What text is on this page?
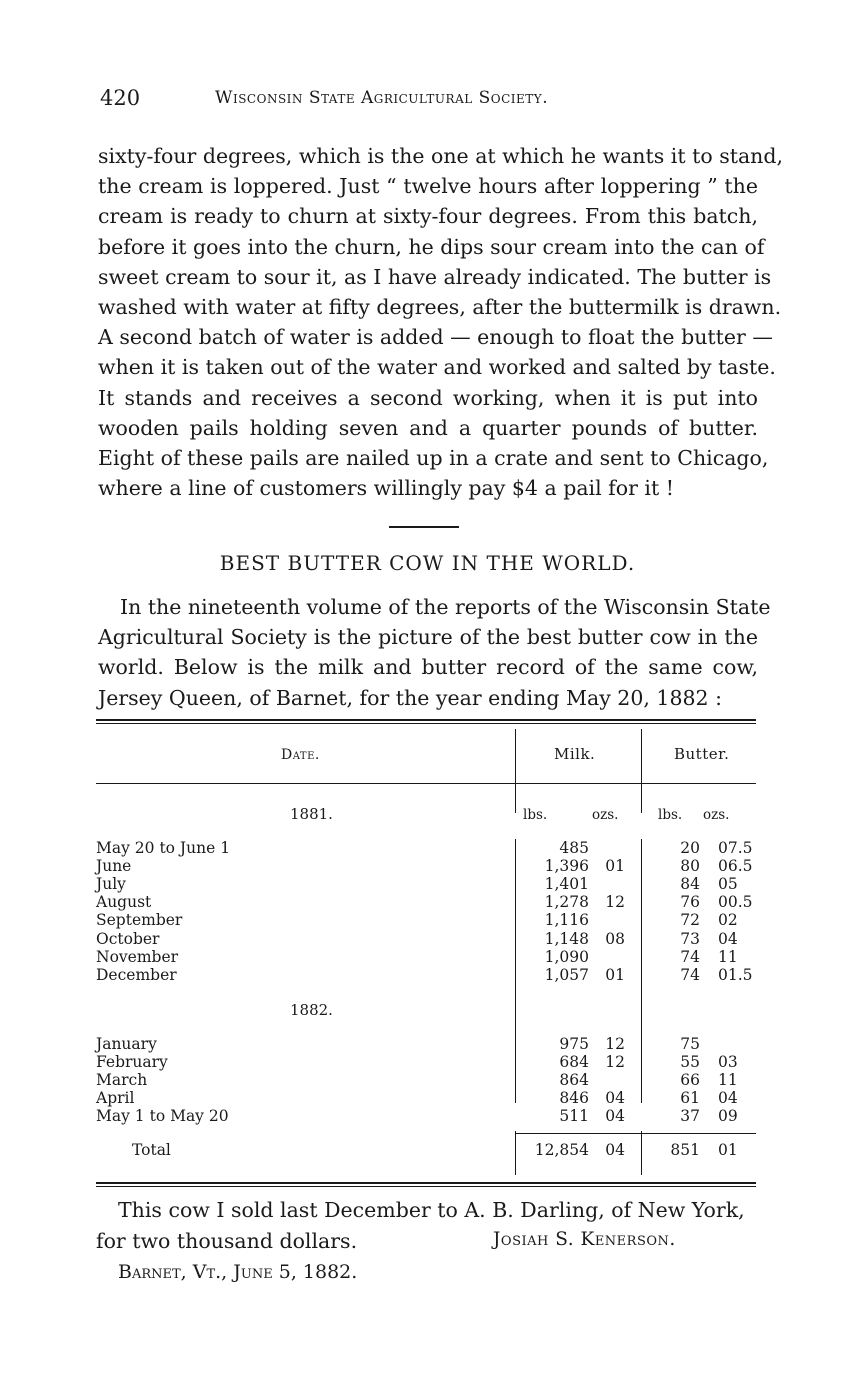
420	Wisconsin State Agricultural Society.
sixty-four degrees, which is the one at which he wants it to stand,
the cream is loppered. Just “ twelve hours after loppering ” the
cream is ready to churn at sixty-four degrees. From this batch,
before it goes into the churn, he dips sour cream into the can of
sweet cream to sour it, as I have already indicated. The butter is
washed with water at fifty degrees, after the buttermilk is drawn.
A second batch of water is added — enough to float the butter —
when it is taken out of the water and worked and salted by taste.
It stands and receives a second working, when it is put into
wooden pails holding seven and a quarter pounds of butter.
Eight of these pails are nailed up in a crate and sent to Chicago,
where a line of customers willingly pay $4 a pail for it !
BEST BUTTER COW IN THE WORLD.
In the nineteenth volume of the reports of the Wisconsin State
Agricultural Society is the picture of the best butter cow in the
world. Below is the milk and butter record of the same cow,
Jersey Queen, of Barnet, for the year ending May 20, 1882 :
Date.	Milk.	Butter.
1881.	lbs.	ozs.	lbs. ozs.
1882.
May 20 to June 1	485	20 07.5
June	1,396 01	80 06.5
July	1,401	84 05
August	1,278 12	76 00.5
September	1,116	72 02
October	1,148 08	73 04
November	1,090	74 11
December	1,057 01	74 01.5
January	975 12	75
February	684 12	55 03
March	864	66 11
April	846 04	61 04
May 1 to May 20	511 04	37 09
Total	12,854 04	851 01
This cow I sold last December to A. B. Darling, of New York,
for two thousand dollars.	Josiah S. Kenerson.
Barnet, Vt., June 5, 1882.
